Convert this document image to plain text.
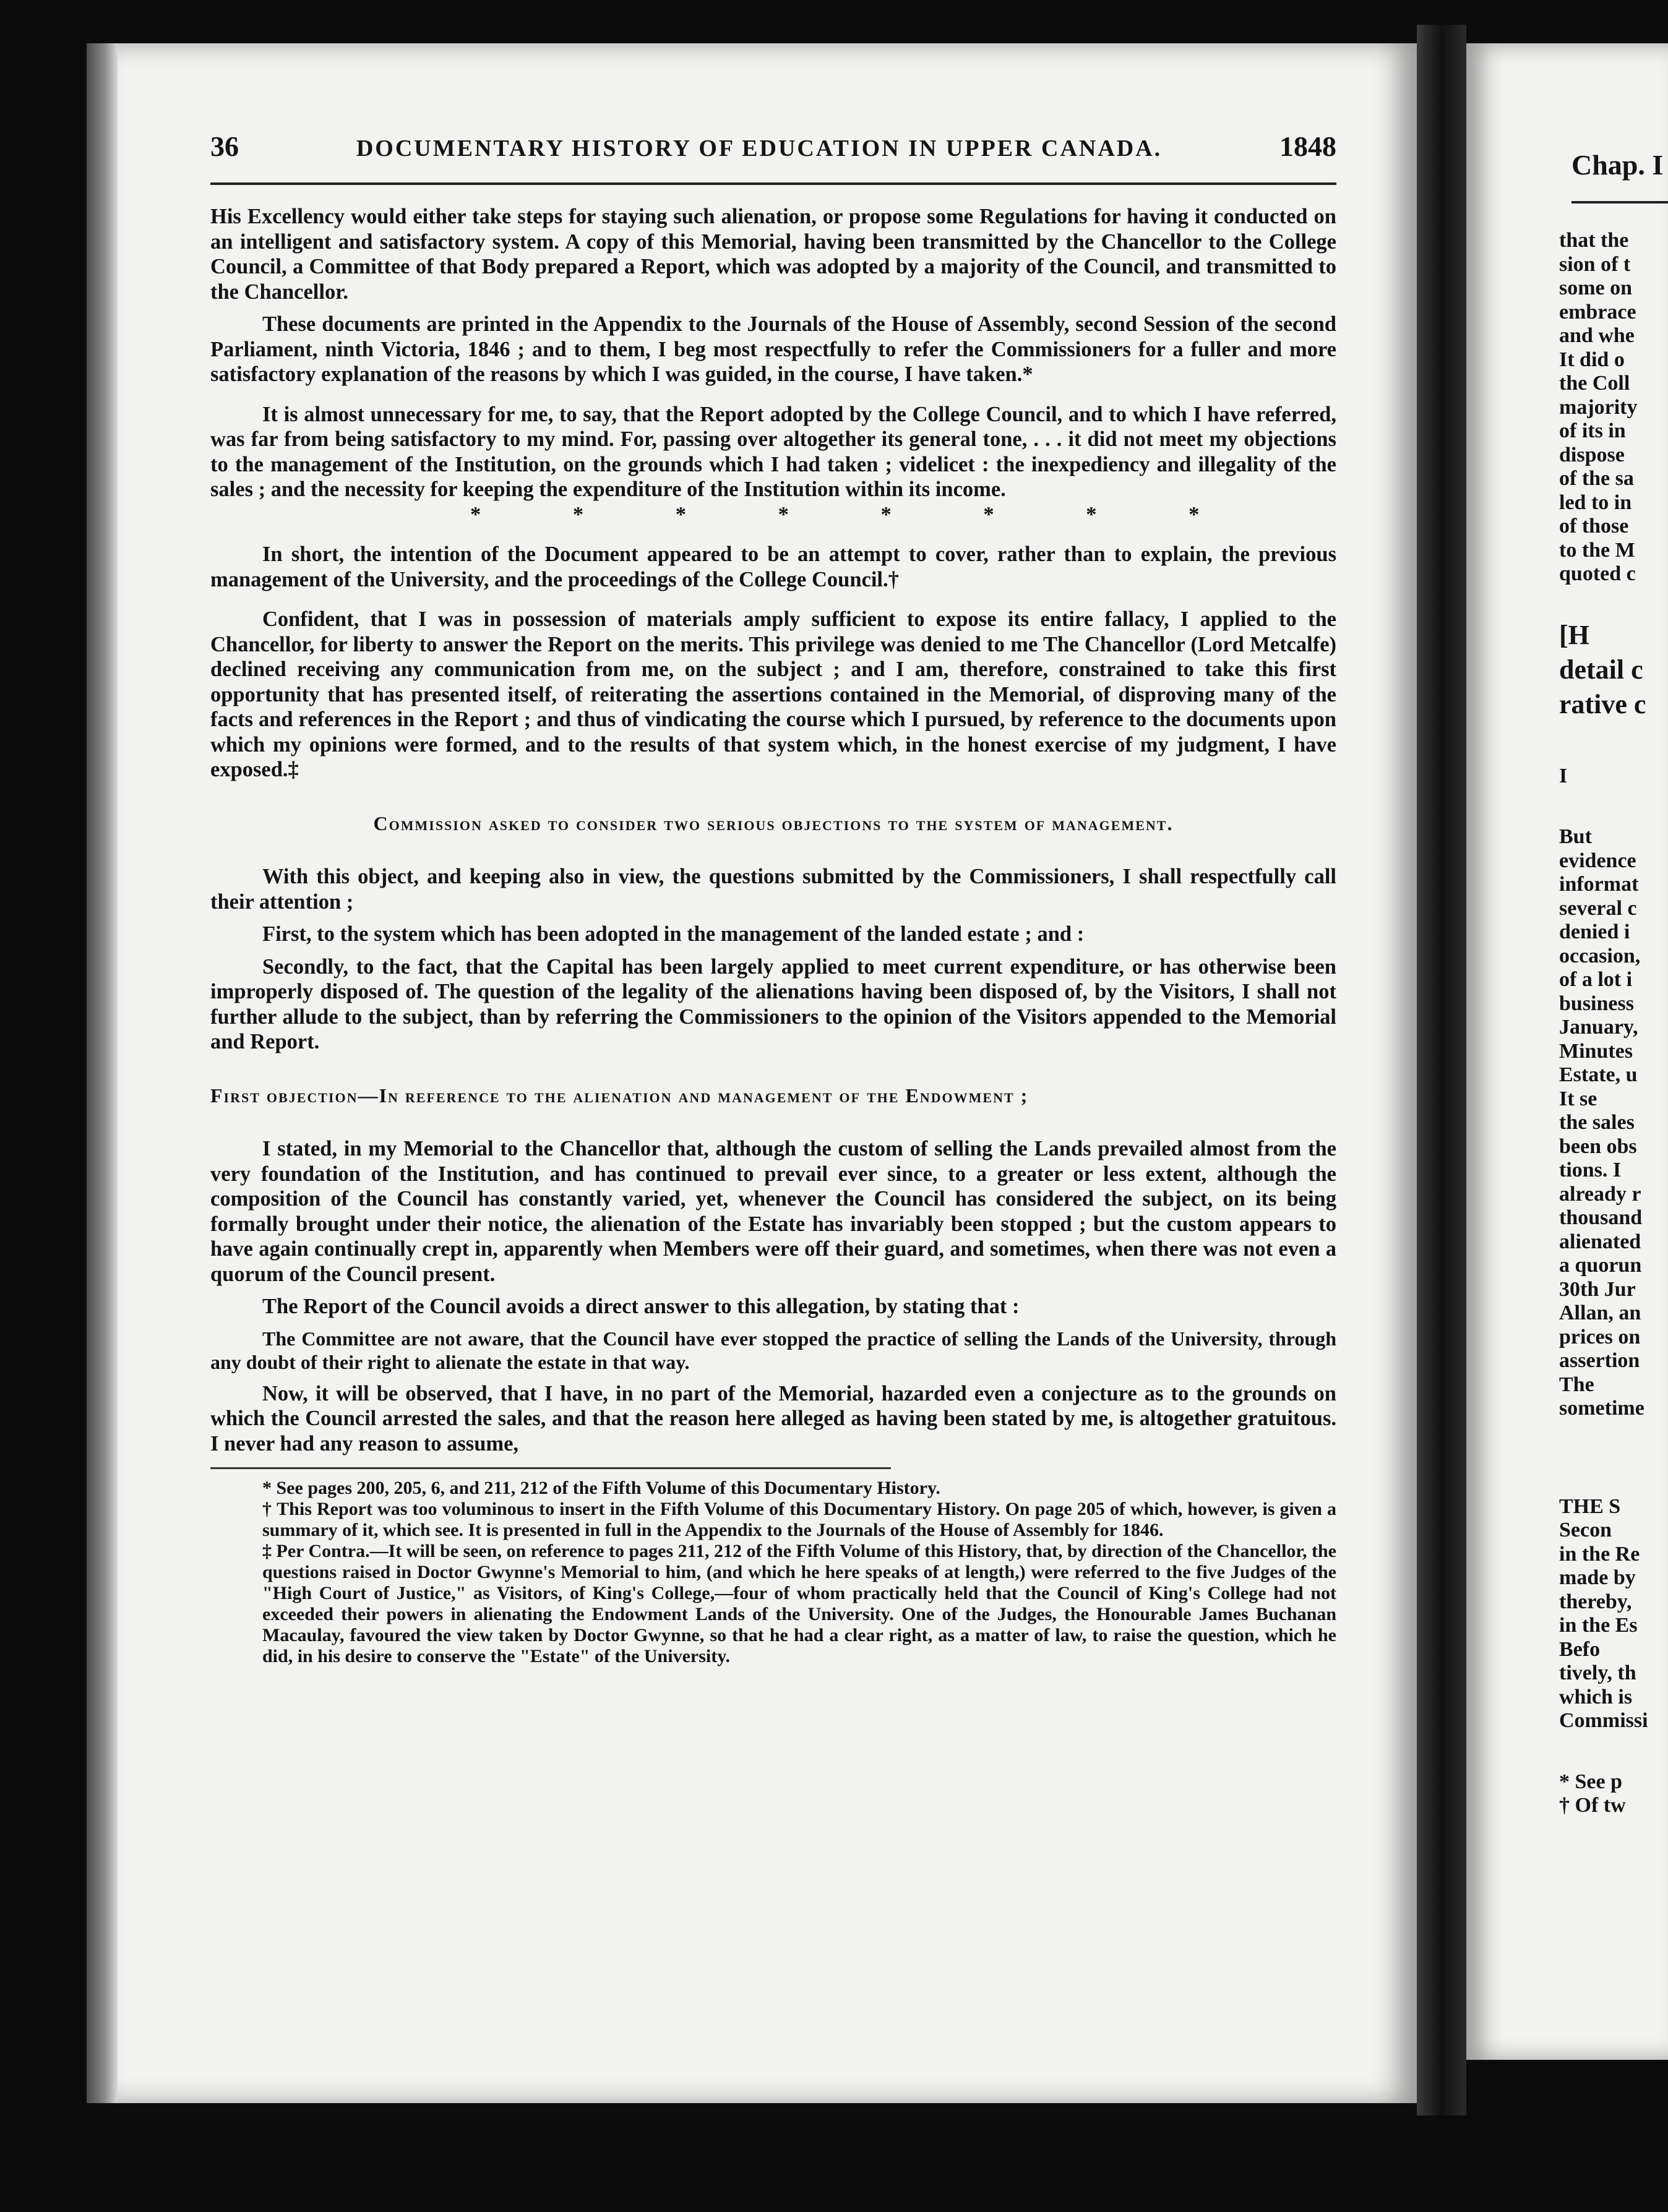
36	DOCUMENTARY HISTORY OF EDUCATION IN UPPER CANADA.	1848

His Excellency would either take steps for staying such alienation, or propose some Regulations for having it conducted on an intelligent and satisfactory system. A copy of this Memorial, having been transmitted by the Chancellor to the College Council, a Committee of that Body prepared a Report, which was adopted by a majority of the Council, and transmitted to the Chancellor.

These documents are printed in the Appendix to the Journals of the House of Assembly, second Session of the second Parliament, ninth Victoria, 1846 ; and to them, I beg most respectfully to refer the Commissioners for a fuller and more satisfactory explanation of the reasons by which I was guided, in the course, I have taken.*

It is almost unnecessary for me, to say, that the Report adopted by the College Council, and to which I have referred, was far from being satisfactory to my mind. For, passing over altogether its general tone, . . . it did not meet my objections to the management of the Institution, on the grounds which I had taken ; videlicet : the inexpediency and illegality of the sales ; and the necessity for keeping the expenditure of the Institution within its income.

* * * * * * * *

In short, the intention of the Document appeared to be an attempt to cover, rather than to explain, the previous management of the University, and the proceedings of the College Council.†

Confident, that I was in possession of materials amply sufficient to expose its entire fallacy, I applied to the Chancellor, for liberty to answer the Report on the merits. This privilege was denied to me The Chancellor (Lord Metcalfe) declined receiving any communication from me, on the subject ; and I am, therefore, constrained to take this first opportunity that has presented itself, of reiterating the assertions contained in the Memorial, of disproving many of the facts and references in the Report ; and thus of vindicating the course which I pursued, by reference to the documents upon which my opinions were formed, and to the results of that system which, in the honest exercise of my judgment, I have exposed.‡

Commission asked to consider two serious objections to the system of management.

With this object, and keeping also in view, the questions submitted by the Commissioners, I shall respectfully call their attention ;

First, to the system which has been adopted in the management of the landed estate ; and :

Secondly, to the fact, that the Capital has been largely applied to meet current expenditure, or has otherwise been improperly disposed of. The question of the legality of the alienations having been disposed of, by the Visitors, I shall not further allude to the subject, than by referring the Commissioners to the opinion of the Visitors appended to the Memorial and Report.

First objection—In reference to the alienation and management of the Endowment ;

I stated, in my Memorial to the Chancellor that, although the custom of selling the Lands prevailed almost from the very foundation of the Institution, and has continued to prevail ever since, to a greater or less extent, although the composition of the Council has constantly varied, yet, whenever the Council has considered the subject, on its being formally brought under their notice, the alienation of the Estate has invariably been stopped ; but the custom appears to have again continually crept in, apparently when Members were off their guard, and sometimes, when there was not even a quorum of the Council present.

The Report of the Council avoids a direct answer to this allegation, by stating that :

The Committee are not aware, that the Council have ever stopped the practice of selling the Lands of the University, through any doubt of their right to alienate the estate in that way.

Now, it will be observed, that I have, in no part of the Memorial, hazarded even a conjecture as to the grounds on which the Council arrested the sales, and that the reason here alleged as having been stated by me, is altogether gratuitous. I never had any reason to assume,

* See pages 200, 205, 6, and 211, 212 of the Fifth Volume of this Documentary History.

† This Report was too voluminous to insert in the Fifth Volume of this Documentary History. On page 205 of which, however, is given a summary of it, which see. It is presented in full in the Appendix to the Journals of the House of Assembly for 1846.

‡ Per Contra.—It will be seen, on reference to pages 211, 212 of the Fifth Volume of this History, that, by direction of the Chancellor, the questions raised in Doctor Gwynne's Memorial to him, (and which he here speaks of at length,) were referred to the five Judges of the "High Court of Justice," as Visitors, of King's College,—four of whom practically held that the Council of King's College had not exceeded their powers in alienating the Endowment Lands of the University. One of the Judges, the Honourable James Buchanan Macaulay, favoured the view taken by Doctor Gwynne, so that he had a clear right, as a matter of law, to raise the question, which he did, in his desire to conserve the "Estate" of the University.

Chap. I
that the
sion of t
some on
embrace
and whe
It did o
the Coll
majority
of its in
dispose
of the sa
led to in
of those
to the M
quoted c
[H
detail c
rative c
I
But
evidence
informat
several c
denied i
occasion,
of a lot i
business
January,
Minutes
Estate, u
It se
the sales
been obs
tions. I
already r
thousand
alienated
a quorun
30th Jur
Allan, an
prices on
assertion
The
sometime
THE S
Secon
in the Re
made by
thereby,
in the Es
Befo
tively, th
which is
Commissi
* See p
† Of tw
